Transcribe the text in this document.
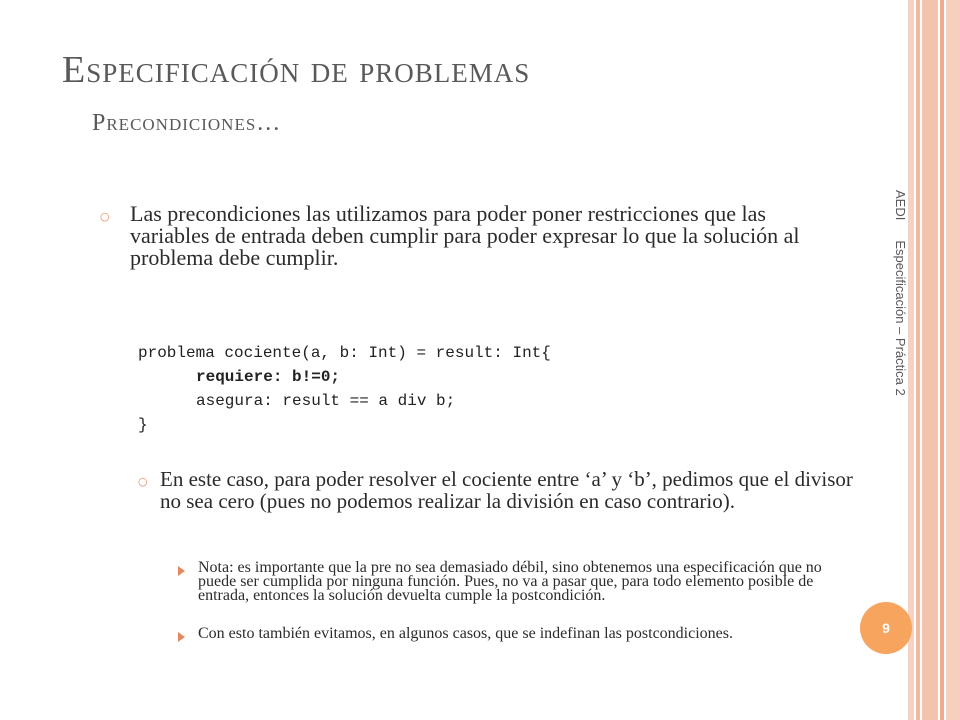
Especificación de problemas
Precondiciones…
○ Las precondiciones las utilizamos para poder poner restricciones que las variables de entrada deben cumplir para poder expresar lo que la solución al problema debe cumplir.
problema cociente(a, b: Int) = result: Int{
requiere: b!=0;
asegura: result == a div b;
}
○ En este caso, para poder resolver el cociente entre ‘a’ y ‘b’, pedimos que el divisor no sea cero (pues no podemos realizar la división en caso contrario).
Nota: es importante que la pre no sea demasiado débil, sino obtenemos una especificación que no puede ser cumplida por ninguna función. Pues, no va a pasar que, para todo elemento posible de entrada, entonces la solución devuelta cumple la postcondición.
Con esto también evitamos, en algunos casos, que se indefinan las postcondiciones.
AEDIEspecificación – Práctica 2
9
